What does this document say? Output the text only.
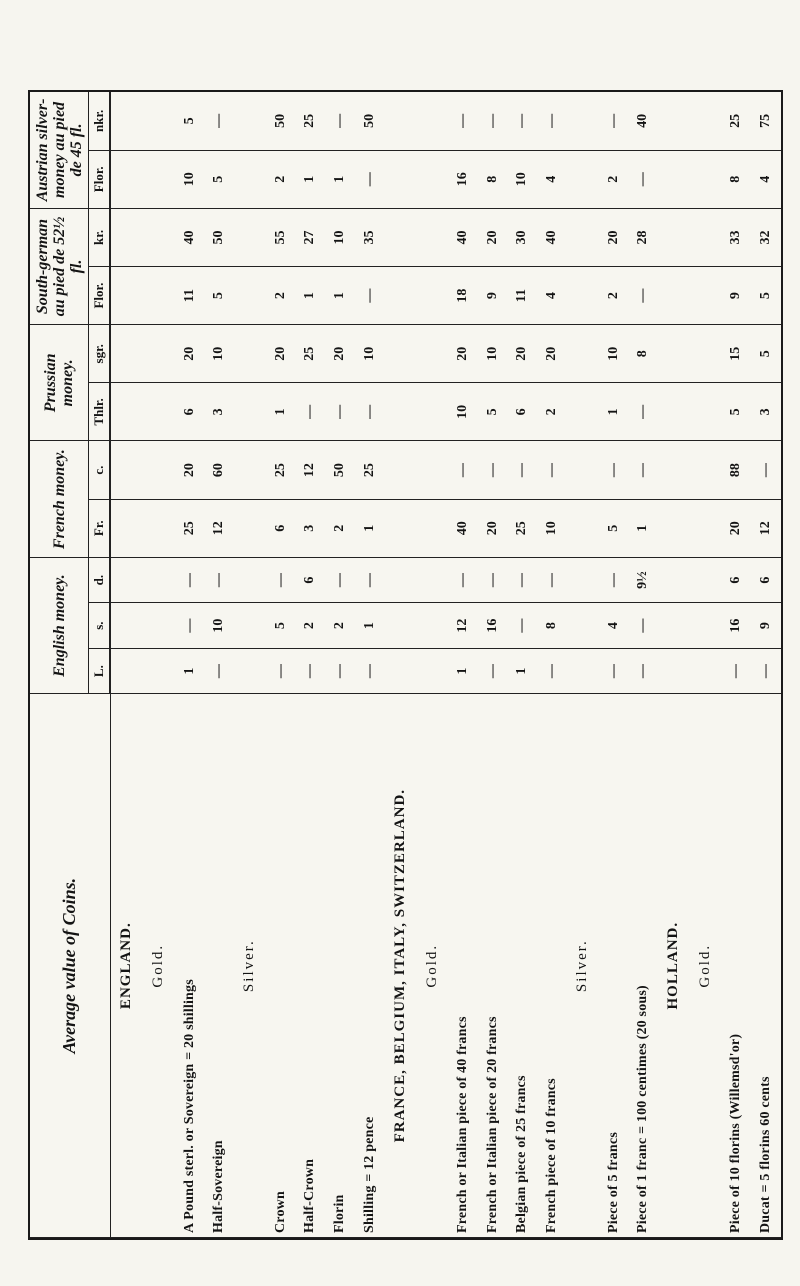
Average value of Coins.	English money.			French money.		Prussian money.		South-german au pied de 52½ fl.		Austrian silver-money au pied de 45 fl.	
	L.	s.	d.	Fr.	c.	Thlr.	sgr.	Flor.	kr.	Flor.	nkr.
ENGLAND.											
Gold.											
A Pound sterl. or Sovereign = 20 shillings	1	—	—	25	20	6	20	11	40	10	5
Half-Sovereign	—	10	—	12	60	3	10	5	50	5	—
Silver.											
Crown	—	5	—	6	25	1	20	2	55	2	50
Half-Crown	—	2	6	3	12	—	25	1	27	1	25
Florin	—	2	—	2	50	—	20	1	10	1	—
Shilling = 12 pence	—	1	—	1	25	—	10	—	35	—	50
FRANCE, BELGIUM, ITALY, SWITZERLAND.											
Gold.											
French or Italian piece of 40 francs	1	12	—	40	—	10	20	18	40	16	—
French or Italian piece of 20 francs	—	16	—	20	—	5	10	9	20	8	—
Belgian piece of 25 francs	1	—	—	25	—	6	20	11	30	10	—
French piece of 10 francs	—	8	—	10	—	2	20	4	40	4	—
Silver.											
Piece of 5 francs	—	4	—	5	—	1	10	2	20	2	—
Piece of 1 franc = 100 centimes (20 sous)	—	—	9½	1	—	—	8	—	28	—	40
HOLLAND.											
Gold.											
Piece of 10 florins (Willemsd'or)	—	16	6	20	88	5	15	9	33	8	25
Ducat = 5 florins 60 cents	—	9	6	12	—	3	5	5	32	4	75
